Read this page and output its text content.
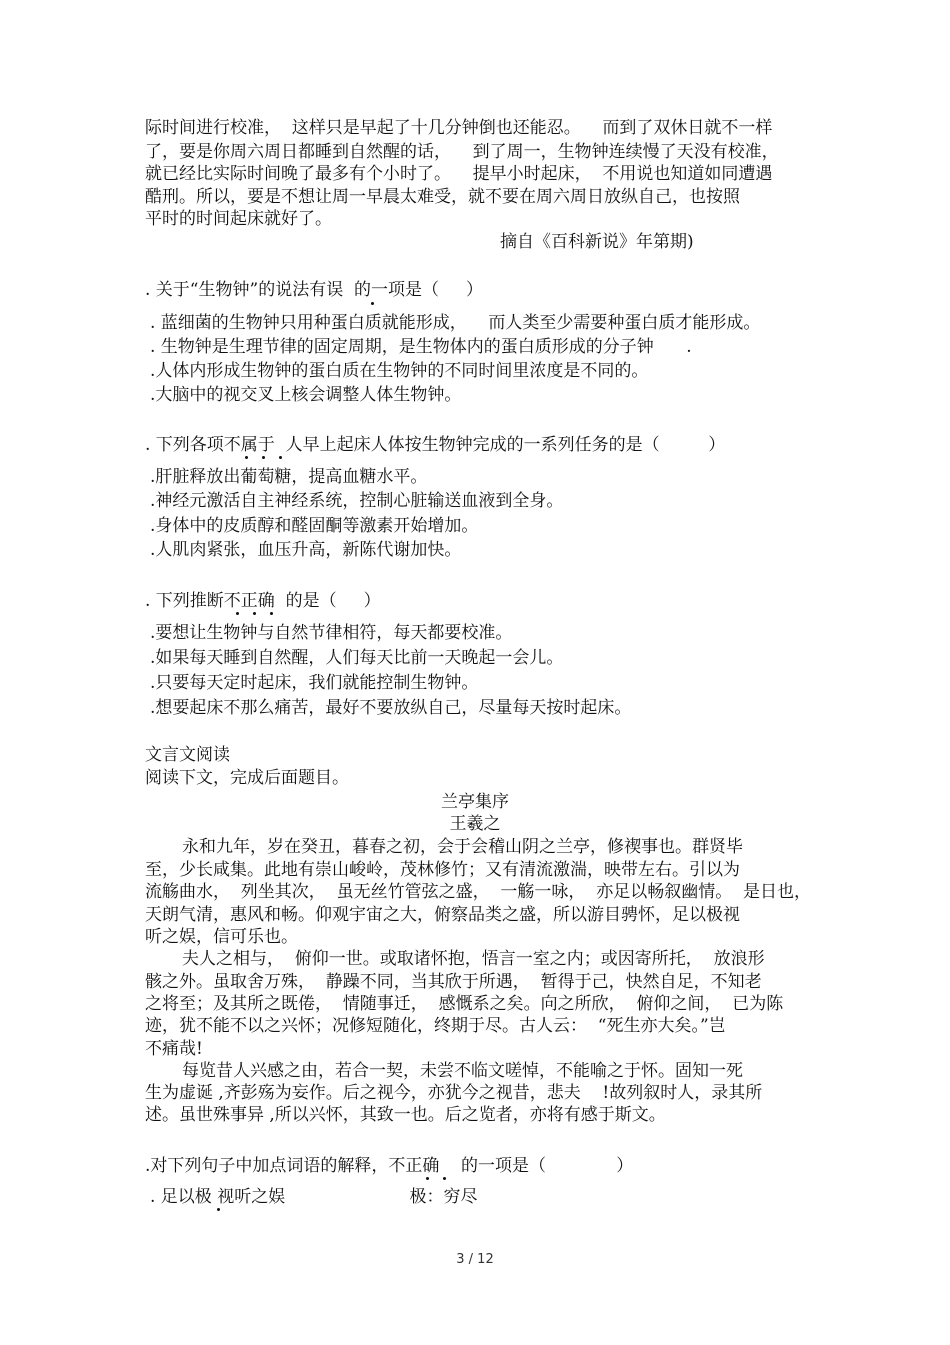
际时间进行校准，  这样只是早起了十几分钟倒也还能忍。    而到了双休日就不一样
了，要是你周六周日都睡到自然醒的话，    到了周一，生物钟连续慢了天没有校准，
就已经比实际时间晚了最多有个小时了。    提早小时起床，  不用说也知道如同遭遇
酷刑。所以，要是不想让周一早晨太难受，就不要在周六周日放纵自己，也按照
平时的时间起床就好了。
摘自《百科新说》年第期)
. 关于“生物钟”的说法有误  的一项是（     ）
. 蓝细菌的生物钟只用种蛋白质就能形成，    而人类至少需要种蛋白质才能形成。
. 生物钟是生理节律的固定周期，是生物体内的蛋白质形成的分子钟      .
.人体内形成生物钟的蛋白质在生物钟的不同时间里浓度是不同的。
.大脑中的视交叉上核会调整人体生物钟。
. 下列各项不属于  人早上起床人体按生物钟完成的一系列任务的是（         ）
.肝脏释放出葡萄糖，提高血糖水平。
.神经元激活自主神经系统，控制心脏输送血液到全身。
.身体中的皮质醇和醛固酮等激素开始增加。
.人肌肉紧张，血压升高，新陈代谢加快。
. 下列推断不正确  的是（     ）
.要想让生物钟与自然节律相符，每天都要校准。
.如果每天睡到自然醒，人们每天比前一天晚起一会儿。
.只要每天定时起床，我们就能控制生物钟。
.想要起床不那么痛苦，最好不要放纵自己，尽量每天按时起床。
文言文阅读
阅读下文，完成后面题目。
兰亭集序
王羲之
永和九年，岁在癸丑，暮春之初，会于会稽山阴之兰亭，修禊事也。群贤毕
至，少长咸集。此地有崇山峻岭，茂林修竹；又有清流激湍，映带左右。引以为
流觞曲水，  列坐其次，  虽无丝竹管弦之盛，  一觞一咏，  亦足以畅叙幽情。  是日也，
天朗气清，惠风和畅。仰观宇宙之大，俯察品类之盛，所以游目骋怀，足以极视
听之娱，信可乐也。
夫人之相与，  俯仰一世。或取诸怀抱，悟言一室之内；或因寄所托，  放浪形
骸之外。虽取舍万殊，  静躁不同，当其欣于所遇，  暂得于己，快然自足，不知老
之将至；及其所之既倦，  情随事迁，  感慨系之矣。向之所欣，  俯仰之间，  已为陈
迹，犹不能不以之兴怀；况修短随化，终期于尽。古人云：  “死生亦大矣。”岂
不痛哉!
每览昔人兴感之由，若合一契，未尝不临文嗟悼，不能喻之于怀。固知一死
生为虚诞 ,齐彭殇为妄作。后之视今，亦犹今之视昔，悲夫    !故列叙时人，录其所
述。虽世殊事异 ,所以兴怀，其致一也。后之览者，亦将有感于斯文。
.对下列句子中加点词语的解释，不正确    的一项是（             ）
. 足以极 视听之娱                       极：穷尽
3 / 12
